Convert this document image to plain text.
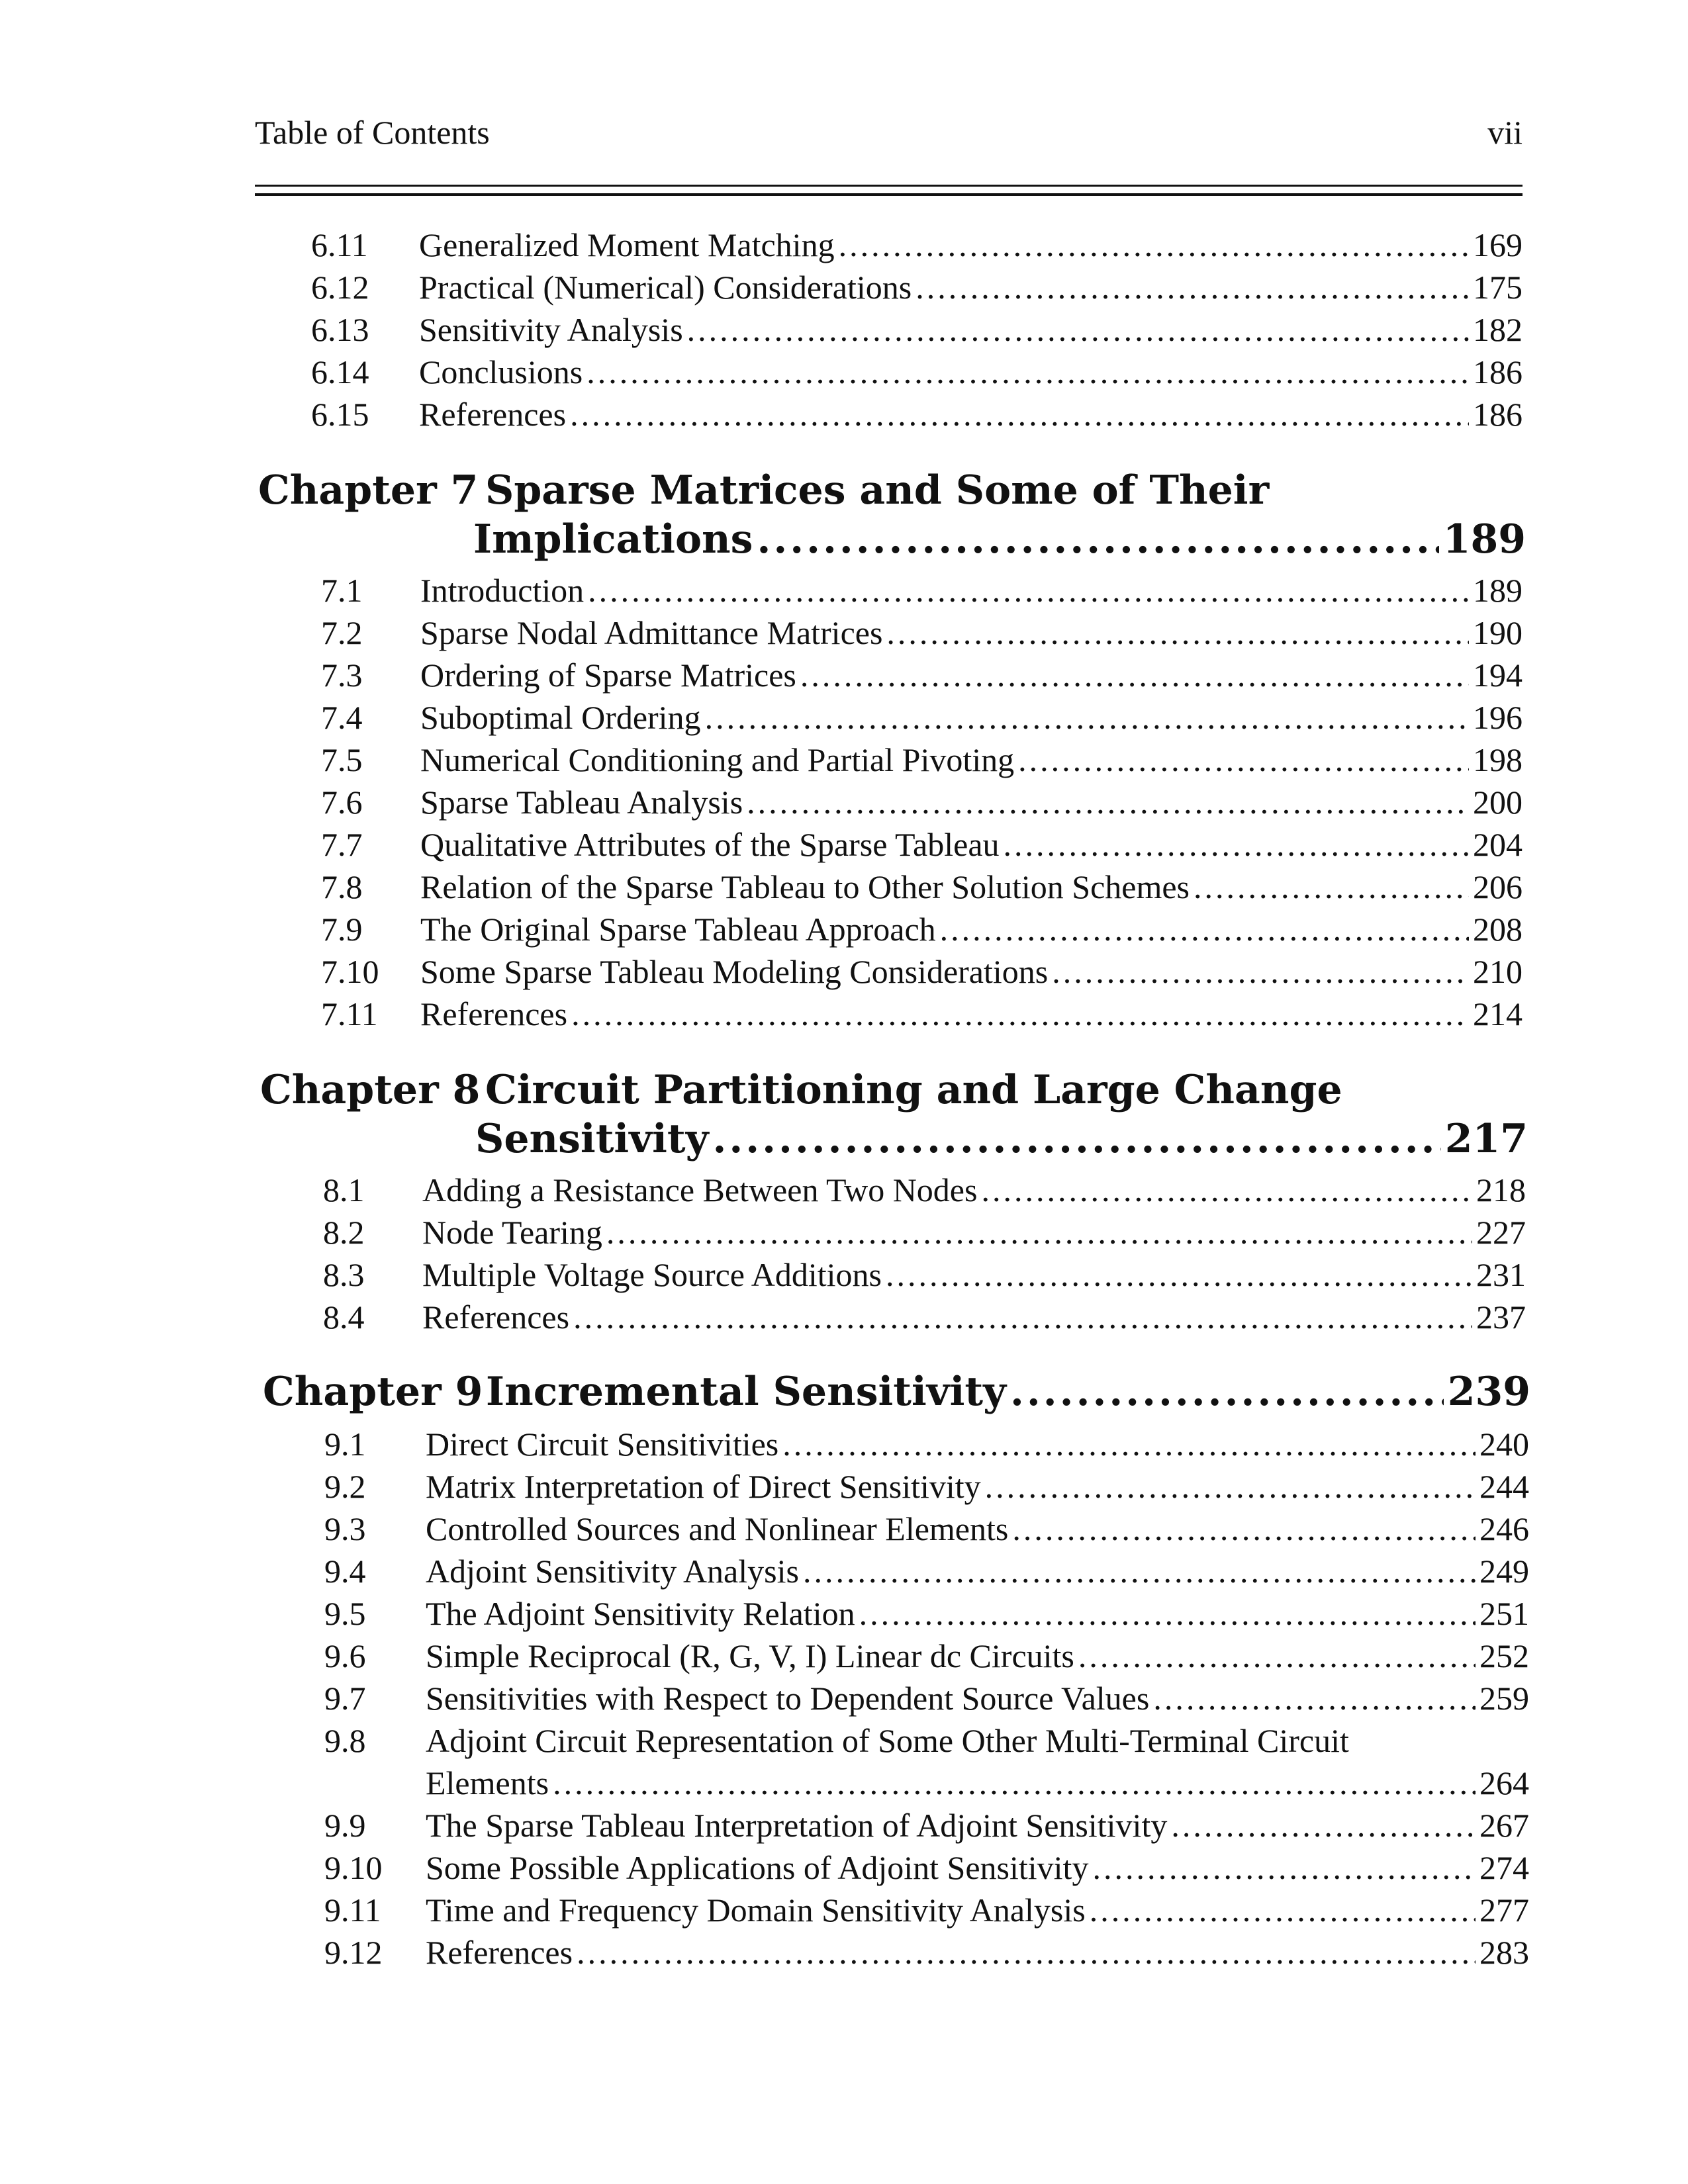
Table of Contents	vii
6.11 Generalized Moment Matching .....	169
6.12 Practical (Numerical) Considerations .....	175
6.13 Sensitivity Analysis .....	182
6.14 Conclusions .....	186
6.15 References .....	186
Chapter 7 Sparse Matrices and Some of Their
Implications .....	189
7.1 Introduction .....	189
7.2 Sparse Nodal Admittance Matrices .....	190
7.3 Ordering of Sparse Matrices .....	194
7.4 Suboptimal Ordering .....	196
7.5 Numerical Conditioning and Partial Pivoting .....	198
7.6 Sparse Tableau Analysis .....	200
7.7 Qualitative Attributes of the Sparse Tableau .....	204
7.8 Relation of the Sparse Tableau to Other Solution Schemes .....	206
7.9 The Original Sparse Tableau Approach .....	208
7.10 Some Sparse Tableau Modeling Considerations .....	210
7.11 References .....	214
Chapter 8 Circuit Partitioning and Large Change
Sensitivity .....	217
8.1 Adding a Resistance Between Two Nodes .....	218
8.2 Node Tearing .....	227
8.3 Multiple Voltage Source Additions .....	231
8.4 References .....	237
Chapter 9 Incremental Sensitivity .....	239
9.1 Direct Circuit Sensitivities .....	240
9.2 Matrix Interpretation of Direct Sensitivity .....	244
9.3 Controlled Sources and Nonlinear Elements .....	246
9.4 Adjoint Sensitivity Analysis .....	249
9.5 The Adjoint Sensitivity Relation .....	251
9.6 Simple Reciprocal (R, G, V, I) Linear dc Circuits .....	252
9.7 Sensitivities with Respect to Dependent Source Values .....	259
9.8 Adjoint Circuit Representation of Some Other Multi-Terminal Circuit
Elements .....	264
9.9 The Sparse Tableau Interpretation of Adjoint Sensitivity .....	267
9.10 Some Possible Applications of Adjoint Sensitivity .....	274
9.11 Time and Frequency Domain Sensitivity Analysis .....	277
9.12 References .....	283
